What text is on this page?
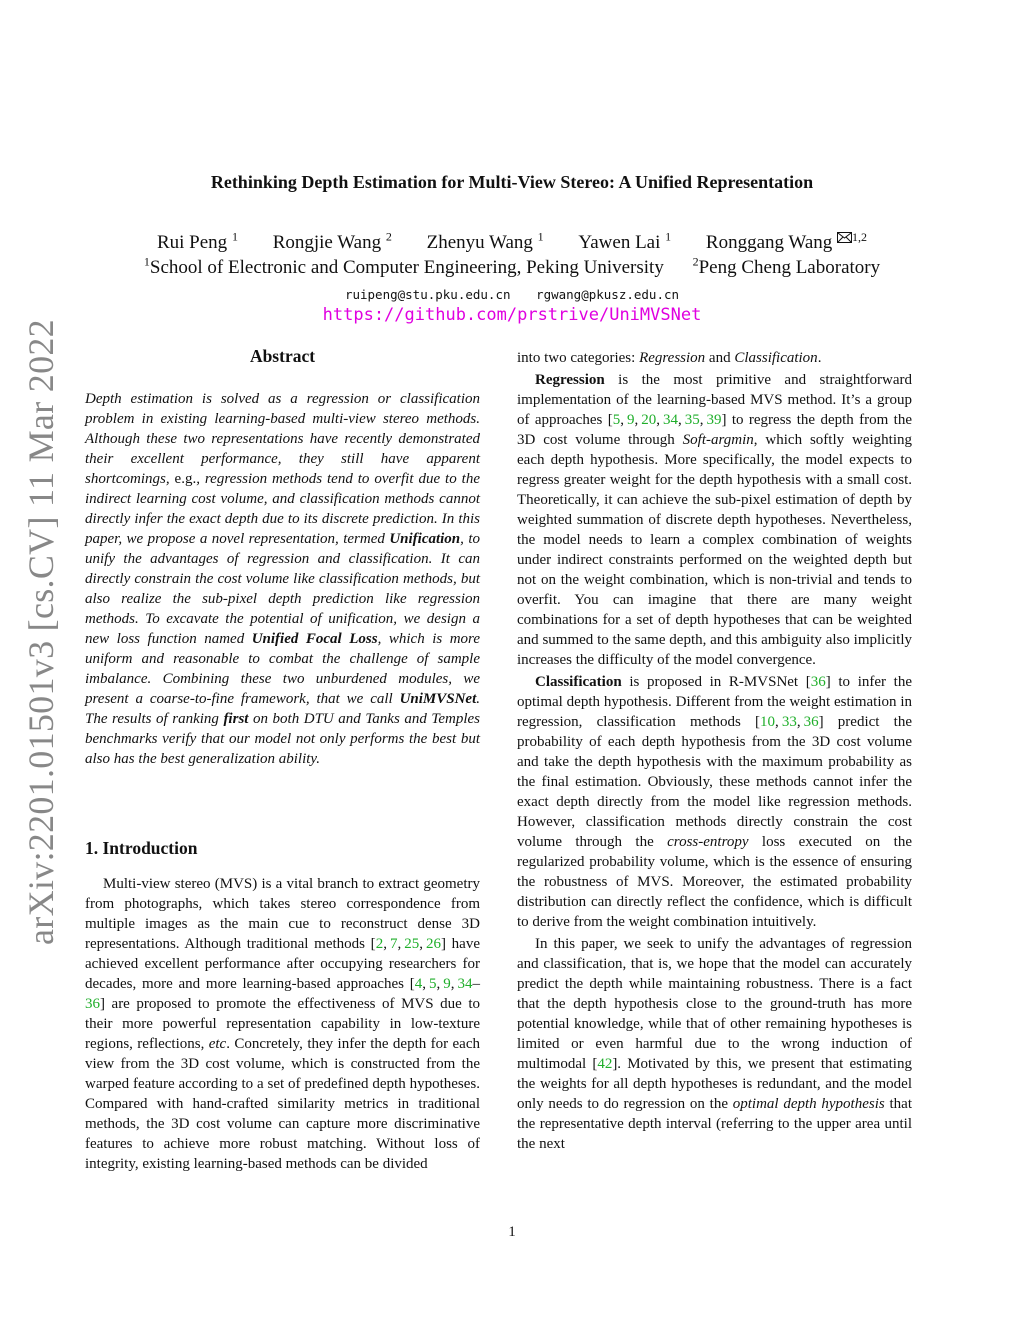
arXiv:2201.01501v3 [cs.CV] 11 Mar 2022
Rethinking Depth Estimation for Multi-View Stereo: A Unified Representation
Rui Peng $^1$ Rongjie Wang $^2$ Zhenyu Wang $^1$ Yawen Lai $^1$ Ronggang Wang $^{1,2}$
$^1$School of Electronic and Computer Engineering, Peking University $^2$Peng Cheng Laboratory
ruipeng@stu.pku.edu.cn rgwang@pkusz.edu.cn
https://github.com/prstrive/UniMVSNet
Abstract

Depth estimation is solved as a regression or classification problem in existing learning-based multi-view stereo methods. Although these two representations have recently demonstrated their excellent performance, they still have apparent shortcomings, e.g., regression methods tend to overfit due to the indirect learning cost volume, and classification methods cannot directly infer the exact depth due to its discrete prediction. In this paper, we propose a novel representation, termed Unification, to unify the advantages of regression and classification. It can directly constrain the cost volume like classification methods, but also realize the sub-pixel depth prediction like regression methods. To excavate the potential of unification, we design a new loss function named Unified Focal Loss, which is more uniform and reasonable to combat the challenge of sample imbalance. Combining these two unburdened modules, we present a coarse-to-fine framework, that we call UniMVSNet. The results of ranking first on both DTU and Tanks and Temples benchmarks verify that our model not only performs the best but also has the best generalization ability.

1. Introduction

Multi-view stereo (MVS) is a vital branch to extract geometry from photographs, which takes stereo correspondence from multiple images as the main cue to reconstruct dense 3D representations. Although traditional methods [2, 7, 25, 26] have achieved excellent performance after occupying researchers for decades, more and more learning-based approaches [4, 5, 9, 34–36] are proposed to promote the effectiveness of MVS due to their more powerful representation capability in low-texture regions, reflections, etc. Concretely, they infer the depth for each view from the 3D cost volume, which is constructed from the warped feature according to a set of predefined depth hypotheses. Compared with hand-crafted similarity metrics in traditional methods, the 3D cost volume can capture more discriminative features to achieve more robust matching. Without loss of integrity, existing learning-based methods can be divided

into two categories: Regression and Classification.

Regression is the most primitive and straightforward implementation of the learning-based MVS method. It’s a group of approaches [5, 9, 20, 34, 35, 39] to regress the depth from the 3D cost volume through Soft-argmin, which softly weighting each depth hypothesis. More specifically, the model expects to regress greater weight for the depth hypothesis with a small cost. Theoretically, it can achieve the sub-pixel estimation of depth by weighted summation of discrete depth hypotheses. Nevertheless, the model needs to learn a complex combination of weights under indirect constraints performed on the weighted depth but not on the weight combination, which is non-trivial and tends to overfit. You can imagine that there are many weight combinations for a set of depth hypotheses that can be weighted and summed to the same depth, and this ambiguity also implicitly increases the difficulty of the model convergence.

Classification is proposed in R-MVSNet [36] to infer the optimal depth hypothesis. Different from the weight estimation in regression, classification methods [10, 33, 36] predict the probability of each depth hypothesis from the 3D cost volume and take the depth hypothesis with the maximum probability as the final estimation. Obviously, these methods cannot infer the exact depth directly from the model like regression methods. However, classification methods directly constrain the cost volume through the cross-entropy loss executed on the regularized probability volume, which is the essence of ensuring the robustness of MVS. Moreover, the estimated probability distribution can directly reflect the confidence, which is difficult to derive from the weight combination intuitively.

In this paper, we seek to unify the advantages of regression and classification, that is, we hope that the model can accurately predict the depth while maintaining robustness. There is a fact that the depth hypothesis close to the ground-truth has more potential knowledge, while that of other remaining hypotheses is limited or even harmful due to the wrong induction of multimodal [42]. Motivated by this, we present that estimating the weights for all depth hypotheses is redundant, and the model only needs to do regression on the optimal depth hypothesis that the representative depth interval (referring to the upper area until the next

1
